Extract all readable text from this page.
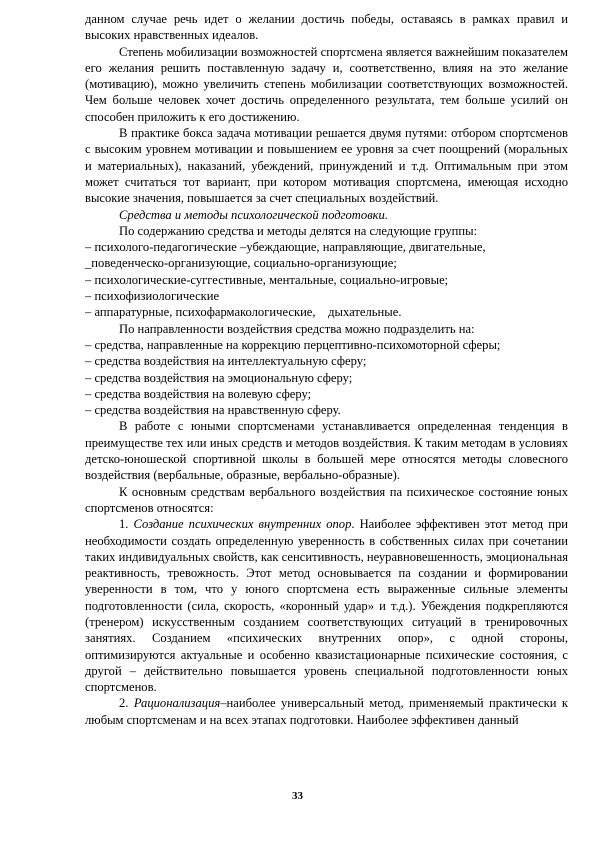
данном случае речь идет о желании достичь победы, оставаясь в рамках правил и высоких нравственных идеалов.

Степень мобилизации возможностей спортсмена является важнейшим показателем его желания решить поставленную задачу и, соответственно, влияя на это желание (мотивацию), можно увеличить степень мобилизации соответствующих возможностей. Чем больше человек хочет достичь определенного результата, тем больше усилий он способен приложить к его достижению.

В практике бокса задача мотивации решается двумя путями: отбором спортсменов с высоким уровнем мотивации и повышением ее уровня за счет поощрений (моральных и материальных), наказаний, убеждений, принуждений и т.д. Оптимальным при этом может считаться тот вариант, при котором мотивация спортсмена, имеющая исходно высокие значения, повышается за счет специальных воздействий.

Средства и методы психологической подготовки.

По содержанию средства и методы делятся на следующие группы:

– психолого-педагогические –убеждающие, направляющие, двигательные,

_поведенческо-организующие, социально-организующие;

– психологические-суггестивные, ментальные, социально-игровые;

– психофизиологические

– аппаратурные, психофармакологические,    дыхательные.

По направленности воздействия средства можно подразделить на:

– средства, направленные на коррекцию перцептивно-психомоторной сферы;

– средства воздействия на интеллектуальную сферу;

– средства воздействия на эмоциональную сферу;

– средства воздействия на волевую сферу;

– средства воздействия на нравственную сферу.

В работе с юными спортсменами устанавливается определенная тенденция в преимуществе тех или иных средств и методов воздействия. К таким методам в условиях детско-юношеской спортивной школы в большей мере относятся методы словесного воздействия (вербальные, образные, вербально-образные).

К основным средствам вербального воздействия па психическое состояние юных спортсменов относятся:

1. Создание психических внутренних опор. Наиболее эффективен этот метод при необходимости создать определенную уверенность в собственных силах при сочетании таких индивидуальных свойств, как сенситивность, неуравновешенность, эмоциональная реактивность, тревожность. Этот метод основывается па создании и формировании уверенности в том, что у юного спортсмена есть выраженные сильные элементы подготовленности (сила, скорость, «коронный удар» и т.д.). Убеждения подкрепляются (тренером) искусственным созданием соответствующих ситуаций в тренировочных занятиях. Созданием «психических внутренних опор», с одной стороны, оптимизируются актуальные и особенно квазистационарные психические состояния, с другой – действительно повышается уровень специальной подготовленности юных спортсменов.

2. Рационализация–наиболее универсальный метод, применяемый практически к любым спортсменам и на всех этапах подготовки. Наиболее эффективен данный

33
